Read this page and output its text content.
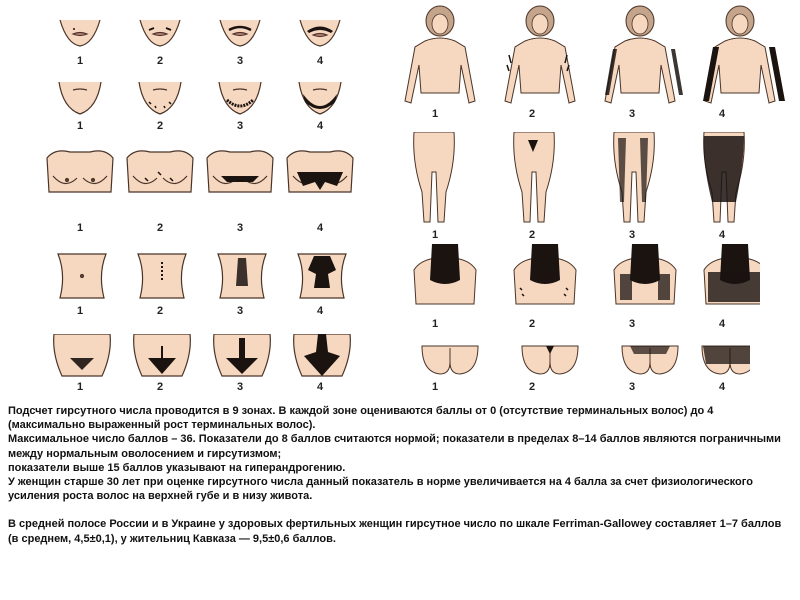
1	2	3	4
1	2	3	4
1	2	3	4
1	2	3	4
1	2	3	4
1	2	3	4
1	2	3	4
1	2	3	4
1	2	3	4

Подсчет гирсутного числа проводится в 9 зонах. В каждой зоне оцениваются баллы от 0 (отсутствие терминальных волос) до 4 (максимально выраженный рост терминальных волос).

Максимальное число баллов – 36. Показатели до 8 баллов считаются нормой; показатели в пределах 8–14 баллов являются пограничными между нормальным оволосением и гирсутизмом;

показатели выше 15 баллов указывают на гиперандрогению.

У женщин старше 30 лет при оценке гирсутного числа данный показатель в норме увеличивается на 4 балла за счет физиологического усиления роста волос на верхней губе и в низу живота.

В средней полосе России и в Украине у здоровых фертильных женщин гирсутное число по шкале Ferriman-Gallowey составляет 1–7 баллов (в среднем, 4,5±0,1), у жительниц Кавказа — 9,5±0,6 баллов.
